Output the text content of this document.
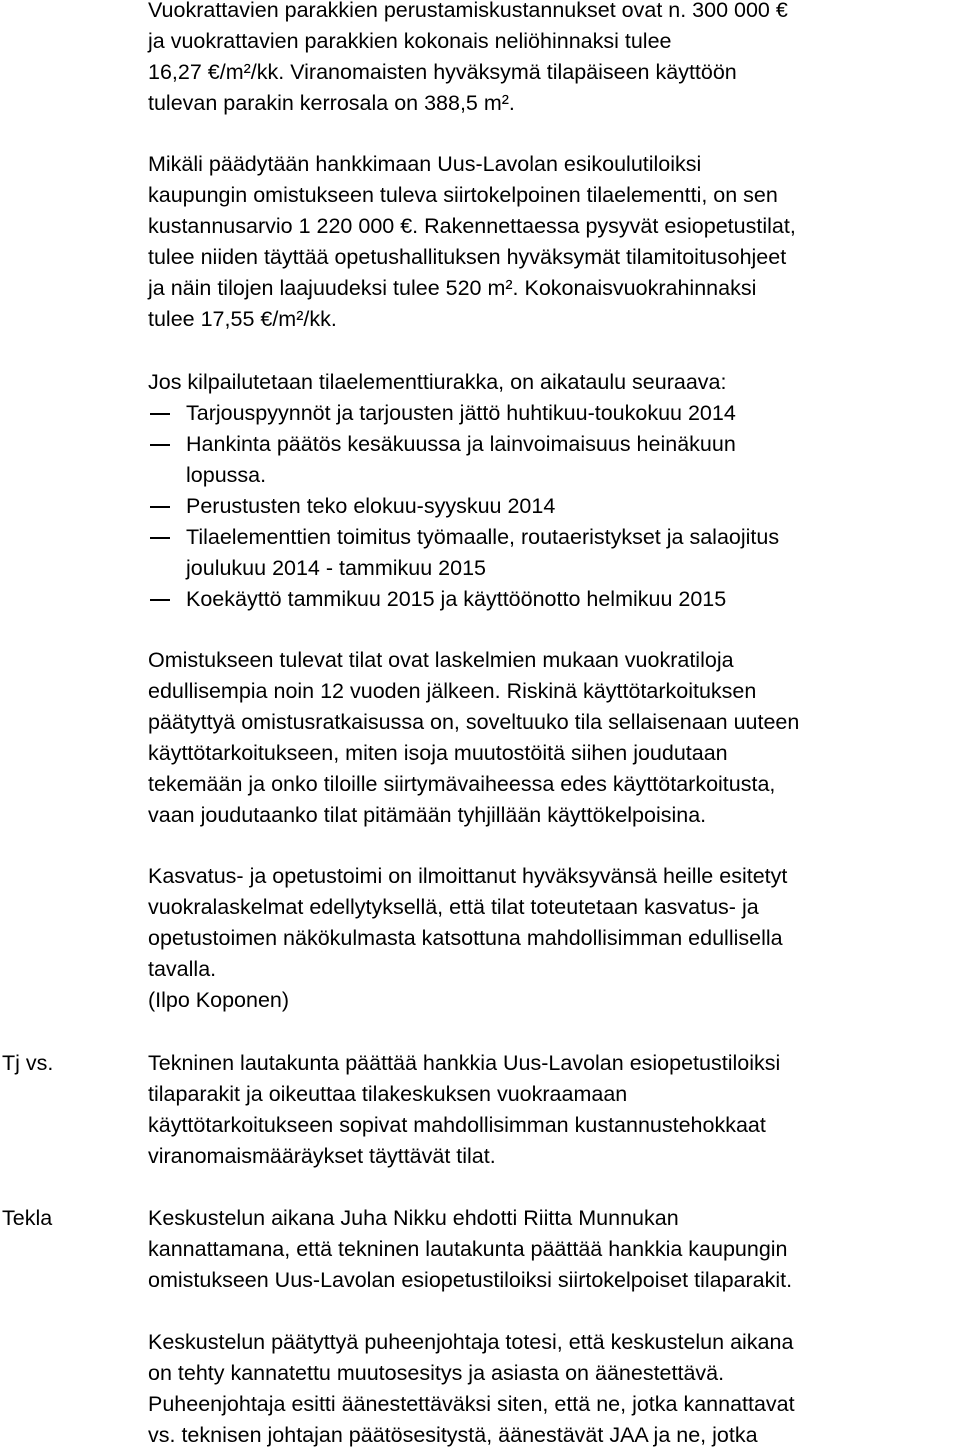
Vuokrattavien parakkien perustamiskustannukset ovat n. 300 000 €
ja vuokrattavien parakkien kokonais neliöhinnaksi tulee
16,27 €/m²/kk. Viranomaisten hyväksymä tilapäiseen käyttöön
tulevan parakin kerrosala on 388,5 m².

Mikäli päädytään hankkimaan Uus-Lavolan esikoulutiloiksi
kaupungin omistukseen tuleva siirtokelpoinen tilaelementti, on sen
kustannusarvio 1 220 000 €. Rakennettaessa pysyvät esiopetustilat,
tulee niiden täyttää opetushallituksen hyväksymät tilamitoitusohjeet
ja näin tilojen laajuudeksi tulee 520 m². Kokonaisvuokrahinnaksi
tulee 17,55 €/m²/kk.

Jos kilpailutetaan tilaelementtiurakka, on aikataulu seuraava:

Tarjouspyynnöt ja tarjousten jättö huhtikuu-toukokuu 2014
Hankinta päätös kesäkuussa ja lainvoimaisuus heinäkuun
lopussa.
Perustusten teko elokuu-syyskuu 2014
Tilaelementtien toimitus työmaalle, routaeristykset ja salaojitus
joulukuu 2014 - tammikuu 2015
Koekäyttö tammikuu 2015 ja käyttöönotto helmikuu 2015

Omistukseen tulevat tilat ovat laskelmien mukaan vuokratiloja
edullisempia noin 12 vuoden jälkeen. Riskinä käyttötarkoituksen
päätyttyä omistusratkaisussa on, soveltuuko tila sellaisenaan uuteen
käyttötarkoitukseen, miten isoja muutostöitä siihen joudutaan
tekemään ja onko tiloille siirtymävaiheessa edes käyttötarkoitusta,
vaan joudutaanko tilat pitämään tyhjillään käyttökelpoisina.

Kasvatus- ja opetustoimi on ilmoittanut hyväksyvänsä heille esitetyt
vuokralaskelmat edellytyksellä, että tilat toteutetaan kasvatus- ja
opetustoimen näkökulmasta katsottuna mahdollisimman edullisella
tavalla.
(Ilpo Koponen)

Tj vs.	Tekninen lautakunta päättää hankkia Uus-Lavolan esiopetustiloiksi
tilaparakit ja oikeuttaa tilakeskuksen vuokraamaan
käyttötarkoitukseen sopivat mahdollisimman kustannustehokkaat
viranomaismääräykset täyttävät tilat.

Tekla	Keskustelun aikana Juha Nikku ehdotti Riitta Munnukan
kannattamana, että tekninen lautakunta päättää hankkia kaupungin
omistukseen Uus-Lavolan esiopetustiloiksi siirtokelpoiset tilaparakit.

Keskustelun päätyttyä puheenjohtaja totesi, että keskustelun aikana
on tehty kannatettu muutosesitys ja asiasta on äänestettävä.
Puheenjohtaja esitti äänestettäväksi siten, että ne, jotka kannattavat
vs. teknisen johtajan päätösesitystä, äänestävät JAA ja ne, jotka
